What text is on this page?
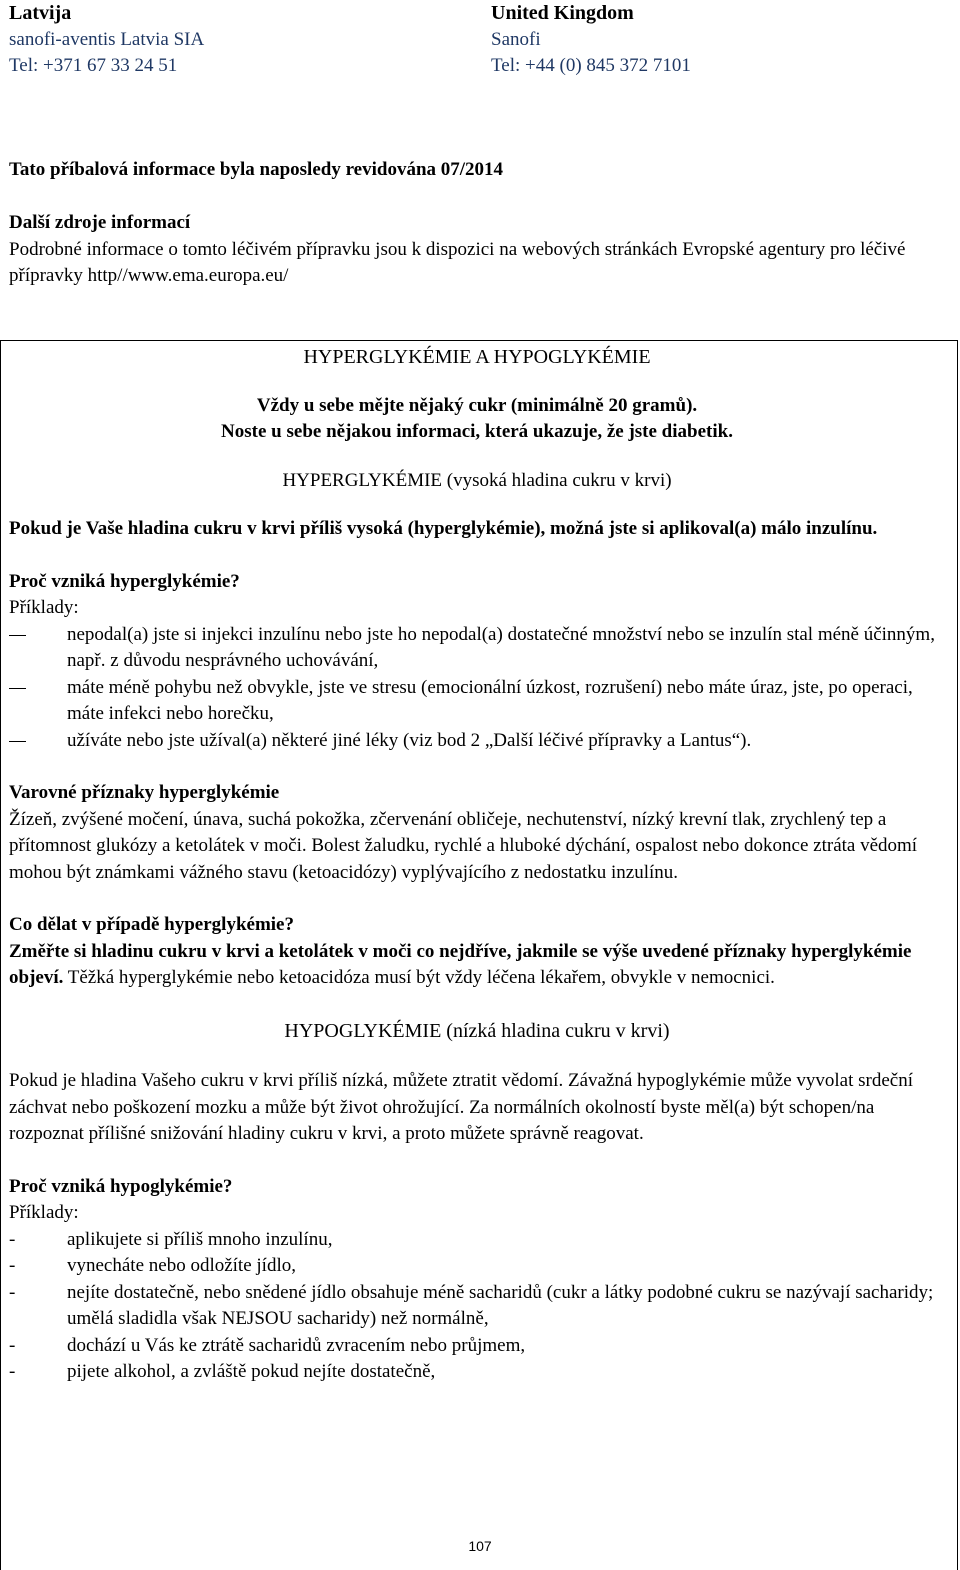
Latvija
sanofi-aventis Latvia SIA
Tel: +371 67 33 24 51
United Kingdom
Sanofi
Tel: +44 (0) 845 372 7101

Tato příbalová informace byla naposledy revidována 07/2014

Další zdroje informací

Podrobné informace o tomto léčivém přípravku jsou k dispozici na webových stránkách Evropské agentury pro léčivé přípravky http//www.ema.europa.eu/

HYPERGLYKÉMIE A HYPOGLYKÉMIE

Vždy u sebe mějte nějaký cukr (minimálně 20 gramů).

Noste u sebe nějakou informaci, která ukazuje, že jste diabetik.

HYPERGLYKÉMIE (vysoká hladina cukru v krvi)

Pokud je Vaše hladina cukru v krvi příliš vysoká (hyperglykémie), možná jste si aplikoval(a) málo inzulínu.

Proč vzniká hyperglykémie?

Příklady:

nepodal(a) jste si injekci inzulínu nebo jste ho nepodal(a) dostatečné množství nebo se inzulín stal méně účinným, např. z důvodu nesprávného uchovávání,
máte méně pohybu než obvykle, jste ve stresu (emocionální úzkost, rozrušení) nebo máte úraz, jste, po operaci, máte infekci nebo horečku,
užíváte nebo jste užíval(a) některé jiné léky (viz bod 2 „Další léčivé přípravky a Lantus“).

Varovné příznaky hyperglykémie

Žízeň, zvýšené močení, únava, suchá pokožka, zčervenání obličeje, nechutenství, nízký krevní tlak, zrychlený tep a přítomnost glukózy a ketolátek v moči. Bolest žaludku, rychlé a hluboké dýchání, ospalost nebo dokonce ztráta vědomí mohou být známkami vážného stavu (ketoacidózy) vyplývajícího z nedostatku inzulínu.

Co dělat v případě hyperglykémie?

Změřte si hladinu cukru v krvi a ketolátek v moči co nejdříve, jakmile se výše uvedené příznaky hyperglykémie objeví. Těžká hyperglykémie nebo ketoacidóza musí být vždy léčena lékařem, obvykle v nemocnici.

HYPOGLYKÉMIE (nízká hladina cukru v krvi)

Pokud je hladina Vašeho cukru v krvi příliš nízká, můžete ztratit vědomí. Závažná hypoglykémie může vyvolat srdeční záchvat nebo poškození mozku a může být život ohrožující. Za normálních okolností byste měl(a) být schopen/na rozpoznat přílišné snižování hladiny cukru v krvi, a proto můžete správně reagovat.

Proč vzniká hypoglykémie?

Příklady:

-	aplikujete si příliš mnoho inzulínu,
-	vynecháte nebo odložíte jídlo,
-	nejíte dostatečně, nebo snědené jídlo obsahuje méně sacharidů (cukr a látky podobné cukru se nazývají sacharidy; umělá sladidla však NEJSOU sacharidy) než normálně,
-	dochází u Vás ke ztrátě sacharidů zvracením nebo průjmem,
-	pijete alkohol, a zvláště pokud nejíte dostatečně,
107
